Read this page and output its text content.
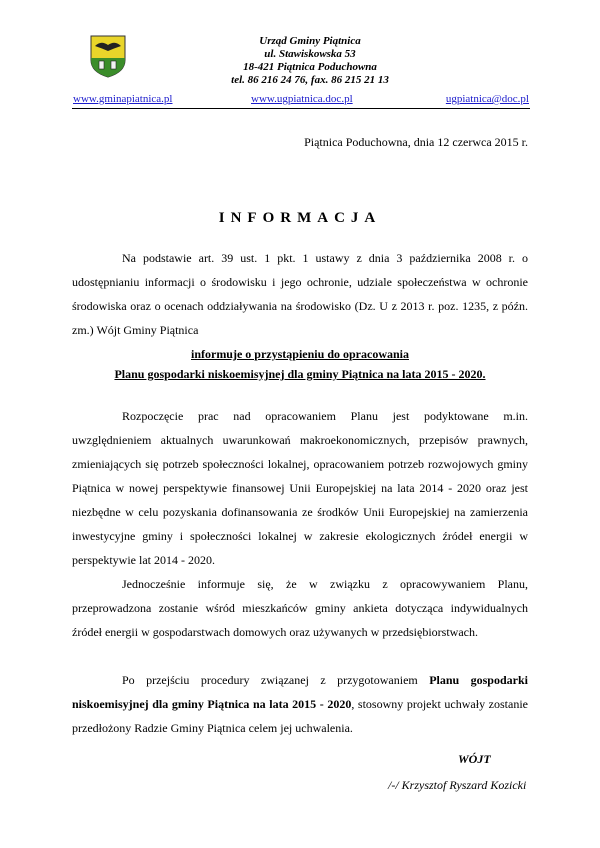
Urząd Gminy Piątnica
ul. Stawiskowska 53
18-421 Piątnica Poduchowna
tel. 86 216 24 76, fax. 86 215 21 13
www.gminapiatnica.pl	www.ugpiatnica.doc.pl	ugpiatnica@doc.pl
Piątnica Poduchowna, dnia 12 czerwca 2015 r.
INFORMACJA
Na podstawie art. 39 ust. 1 pkt. 1 ustawy z dnia 3 października 2008 r. o udostępnianiu informacji o środowisku i jego ochronie, udziale społeczeństwa w ochronie środowiska oraz o ocenach oddziaływania na środowisko (Dz. U z 2013 r. poz. 1235, z późn. zm.) Wójt Gminy Piątnica
informuje o przystąpieniu do opracowania
Planu gospodarki niskoemisyjnej dla gminy Piątnica na lata 2015 - 2020.
Rozpoczęcie prac nad opracowaniem Planu jest podyktowane m.in. uwzględnieniem aktualnych uwarunkowań makroekonomicznych, przepisów prawnych, zmieniających się potrzeb społeczności lokalnej, opracowaniem potrzeb rozwojowych gminy Piątnica w nowej perspektywie finansowej Unii Europejskiej na lata 2014 - 2020 oraz jest niezbędne w celu pozyskania dofinansowania ze środków Unii Europejskiej na zamierzenia inwestycyjne gminy i społeczności lokalnej w zakresie ekologicznych źródeł energii w perspektywie lat 2014 - 2020.
Jednocześnie informuje się, że w związku z opracowywaniem Planu, przeprowadzona zostanie wśród mieszkańców gminy ankieta dotycząca indywidualnych źródeł energii w gospodarstwach domowych oraz używanych w przedsiębiorstwach.
Po przejściu procedury związanej z przygotowaniem Planu gospodarki niskoemisyjnej dla gminy Piątnica na lata 2015 - 2020, stosowny projekt uchwały zostanie przedłożony Radzie Gminy Piątnica celem jej uchwalenia.
WÓJT
/-/ Krzysztof Ryszard Kozicki
